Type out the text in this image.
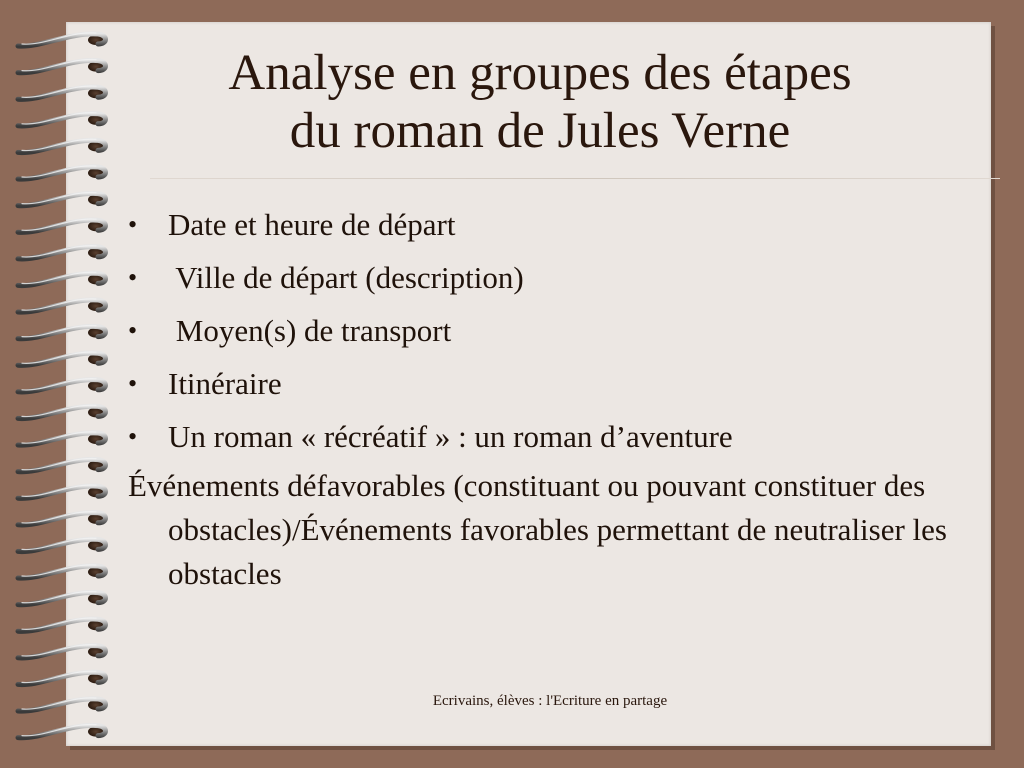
Analyse en groupes des étapes
du roman de Jules Verne
• Date et heure de départ
• Ville de départ (description)
• Moyen(s) de transport
• Itinéraire
• Un roman « récréatif » : un roman d’aventure

Événements défavorables (constituant ou pouvant constituer des obstacles)/Événements favorables permettant de neutraliser les obstacles

Ecrivains, élèves : l'Ecriture en partage
